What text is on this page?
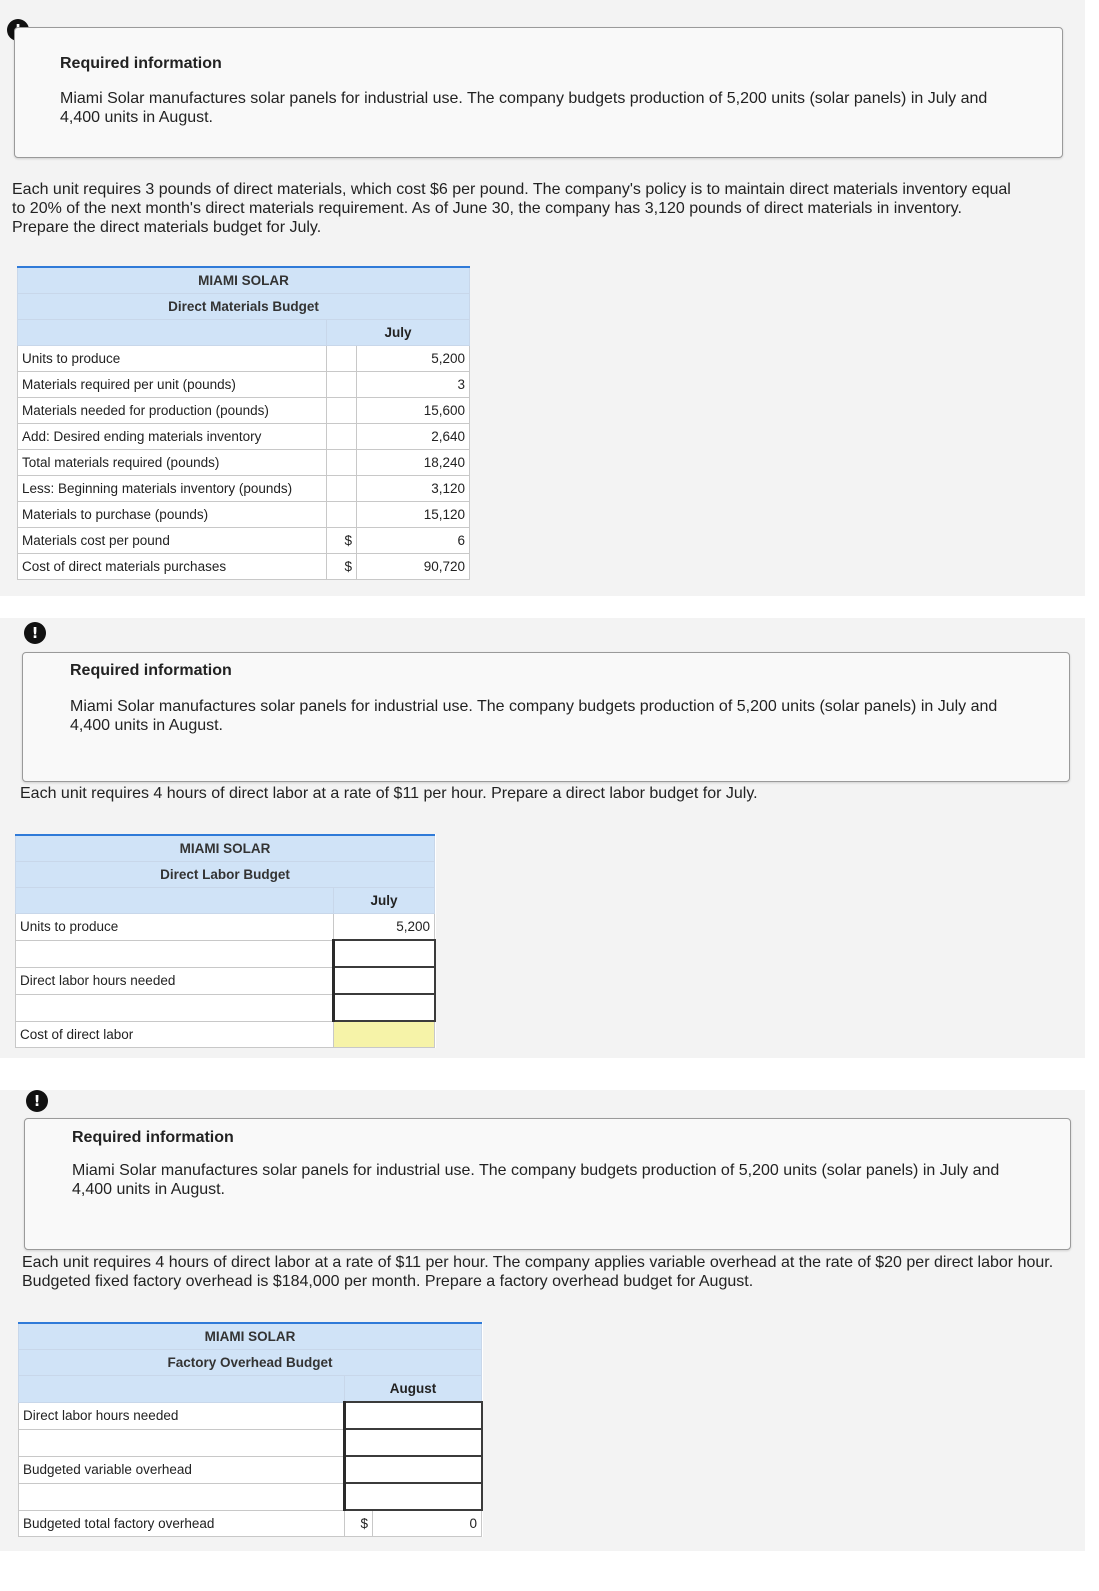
Required information
Miami Solar manufactures solar panels for industrial use. The company budgets production of 5,200 units (solar panels) in July and 4,400 units in August.
Each unit requires 3 pounds of direct materials, which cost $6 per pound. The company's policy is to maintain direct materials inventory equal to 20% of the next month's direct materials requirement. As of June 30, the company has 3,120 pounds of direct materials in inventory. Prepare the direct materials budget for July.
MIAMI SOLAR		
Direct Materials Budget		
	July	
Units to produce		5,200
Materials required per unit (pounds)		3
Materials needed for production (pounds)		15,600
Add: Desired ending materials inventory		2,640
Total materials required (pounds)		18,240
Less: Beginning materials inventory (pounds)		3,120
Materials to purchase (pounds)		15,120
Materials cost per pound	$	6
Cost of direct materials purchases	$	90,720
!
Required information
Miami Solar manufactures solar panels for industrial use. The company budgets production of 5,200 units (solar panels) in July and 4,400 units in August.
Each unit requires 4 hours of direct labor at a rate of $11 per hour. Prepare a direct labor budget for July.
MIAMI SOLAR	
Direct Labor Budget	
	July
Units to produce	5,200

Direct labor hours needed	

Cost of direct labor	
!
Required information
Miami Solar manufactures solar panels for industrial use. The company budgets production of 5,200 units (solar panels) in July and 4,400 units in August.
Each unit requires 4 hours of direct labor at a rate of $11 per hour. The company applies variable overhead at the rate of $20 per direct labor hour. Budgeted fixed factory overhead is $184,000 per month. Prepare a factory overhead budget for August.
MIAMI SOLAR		
Factory Overhead Budget		
	August	
Direct labor hours needed		

Budgeted variable overhead		

Budgeted total factory overhead	$	0
